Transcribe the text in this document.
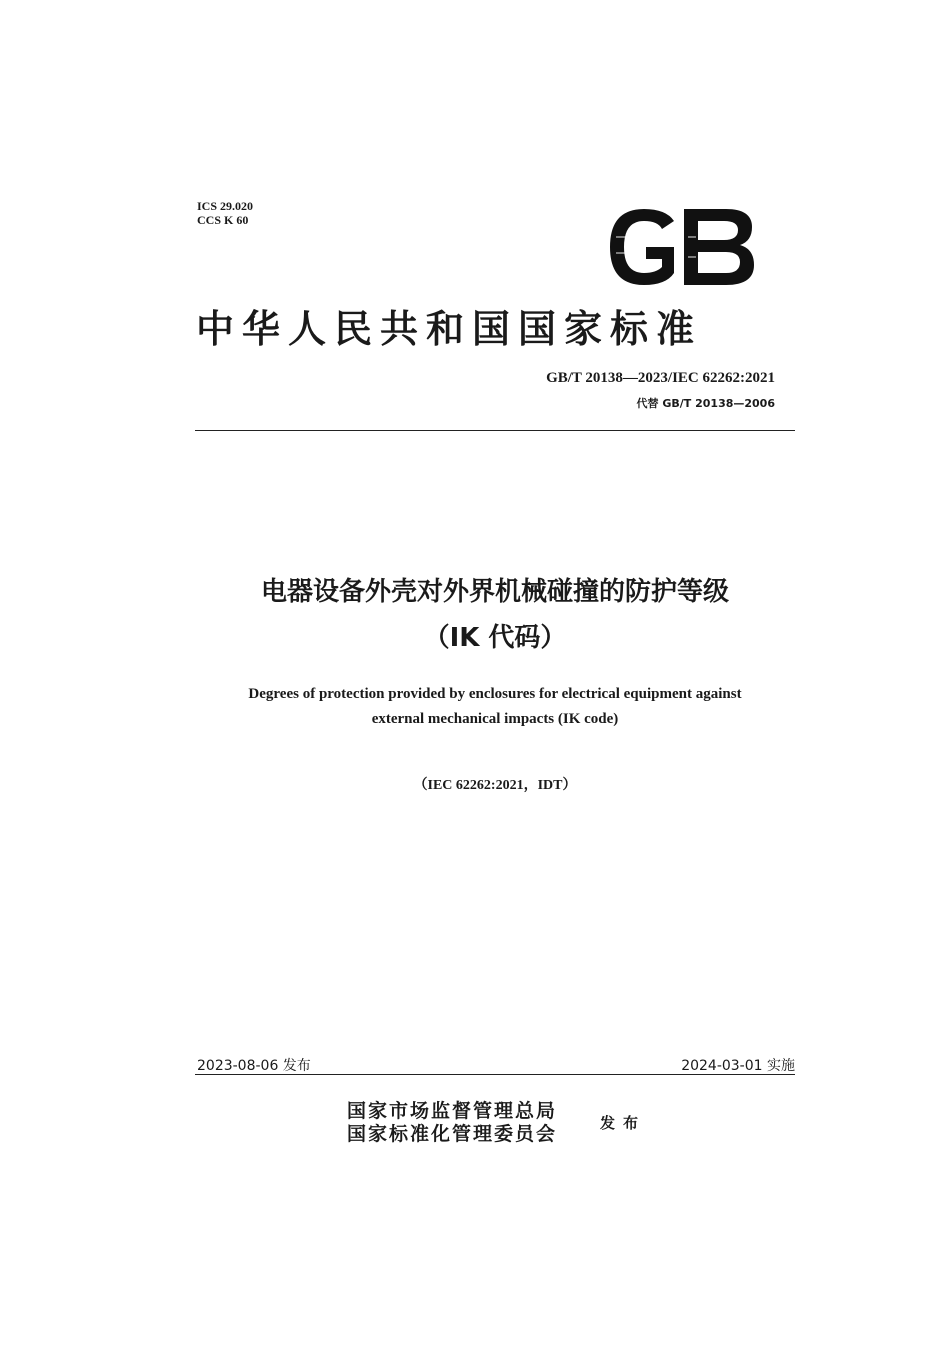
ICS 29.020
CCS K 60
中华人民共和国国家标准
GB/T 20138—2023/IEC 62262:2021
代替 GB/T 20138—2006
电器设备外壳对外界机械碰撞的防护等级
（IK 代码）
Degrees of protection provided by enclosures for electrical equipment against
external mechanical impacts (IK code)
（IEC 62262:2021，IDT）
2023-08-06 发布	2024-03-01 实施
国家市场监督管理总局
国家标准化管理委员会	发布
